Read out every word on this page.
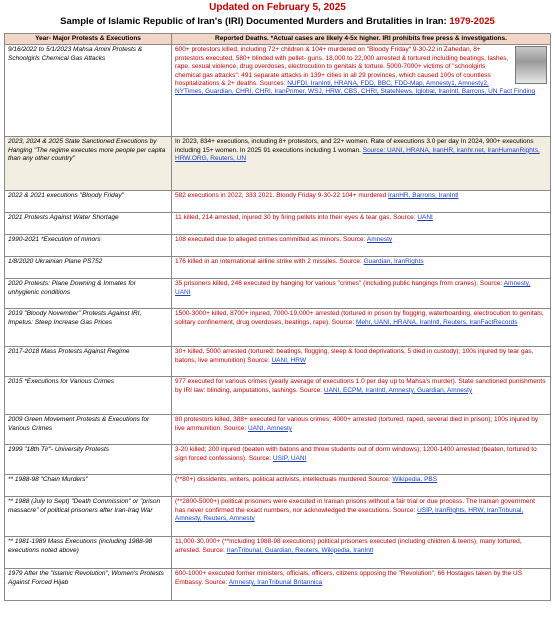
Updated on February 5, 2025
Sample of Islamic Republic of Iran's (IRI) Documented Murders and Brutalities in Iran: 1979-2025
Year- Major Protests & Executions	Reported Deaths. *Actual cases are likely 4-5x higher. IRI prohibits free press & investigations.
9/16/2022 to 5/1/2023 Mahsa Amini Protests & Schoolgirls Chemical Gas Attacks	600+ protestors killed, including 72+ children & 104+ murdered on "Bloody Friday" 9-30-22 in Zahedan, 8+ protestors executed, 580+ blinded with pellet- guns. 18,000 to 22,000 arrested & tortured including beatings, lashes, rape, sexual violence, drug overdoses, electrocution to genitals & torture. 5000-7000+ victims of "schoolgirls chemical gas attacks": 491 separate attacks in 139+ cities in all 29 provinces, which caused 100s of countless hospitalizations & 2+ deaths. Sources: NUFDI, IranIntl, HRANA, FDD, BBC, FDD-Map, Amnesty1, Amnesty2, NYTimes, Guardian, CHRI, CHRI, IranPrimer, WSJ, HRW, CBS, CHRI, StateNews, Iglobal, IranIntl, Barrons, UN Fact Finding
2023, 2024 & 2025 State Sanctioned Executions by Hanging "The regime executes more people per capita than any other country"	In 2023, 834+ executions, including 8+ protestors, and 22+ women. Rate of executions 3.0 per day In 2024, 900+ executions including 15+ women. In 2025 91 executions including 1 woman. Source: UANI, HRANA, IranHR, iranhr.net, IranHumanRights, HRW.ORG, Reuters, UN
2022 & 2021 executions "Bloody Friday"	582 executions in 2022, 333 2021. Bloody Friday 9-30-22 104+ murdered IranHR, Barrons, IranIntl
2021 Protests Against Water Shortage	11 killed, 214 arrested, injured 30 by firing pellets into their eyes & tear gas. Source: UANI
1990-2021 *Execution of minors	108 executed due to alleged crimes committed as minors. Source: Amnesty
1/8/2020 Ukrainian Plane PS752	176 killed in an international airline strike with 2 missiles. Source: Guardian, IranRights
2020 Protests: Plane Downing & Inmates for unhygienic conditions	35 prisoners killed, 246 executed by hanging for various "crimes" (including public hangings from cranes). Source: Amnesty, UANI
2019 "Bloody November" Protests Against IRI, Impetus: Steep Increase Gas Prices	1500-3000+ killed, 8700+ injured, 7000-19,000+ arrested (tortured in prison by flogging, waterboarding, electrocution to genitals, solitary confinement, drug overdoses, beatings, rape). Source: Mehr, UANI, HRANA, IranIntl, Reuters, IranFactRecords
2017-2018 Mass Protests Against Regime	30+ killed, 5000 arrested (tortured: beatings, flogging, sleep & food deprivations, 5 died in custody); 100s injured by tear gas, batons, live ammunition) Source: UANI, HRW
2015 *Executions for Various Crimes	977 executed for various crimes (yearly average of executions 1.0 per day up to Mahsa's murder). State sanctioned punishments by IRI law: blinding, amputations, lashings. Source: UANI, ECPM, IranIntl, Amnesty, Guardian, Amnesty
2009 Green Movement Protests & Executions for Various Crimes	80 protestors killed, 388+ executed for various crimes; 4000+ arrested (tortured, raped, several died in prison); 100s injured by live ammunition. Source: UANI, Amnesty
1999 "18th Tir"- University Protests	3-20 killed; 200 injured (beaten with batons and threw students out of dorm windows); 1200-1400 arrested (beaten, tortured to sign forced confessions). Source: USIP, UANI
** 1988-98 "Chain Murders"	(**80+) dissidents, writers, political activists, intellectuals murdered Source: Wikipedia, PBS
** 1988 (July to Sept) "Death Commission" or "prison massacre" of political prisoners after Iran-Iraq War	(**2800-5000+) political prisoners were executed in Iranian prisons without a fair trial or due process. The Iranian government has never confirmed the exact numbers, nor acknowledged the executions. Source: USIP, IranRights, HRW, IranTribunal, Amnesty, Reuters, Amnesty
** 1981-1989 Mass Executions (including 1988-98 executions noted above)	11,000-30,000+ (**including 1988-98 executions) political prisoners executed (including children & teens), many tortured, arrested. Source: IranTribunal, Guardian, Reuters, Wikipedia, IranIntl
1979 After the "Islamic Revolution", Women's Protests Against Forced Hijab	600-1000+ executed former ministers, officials, officers, citizens opposing the "Revolution", 66 Hostages taken by the US Embassy. Source: Amnesty, IranTribunal Britannica
